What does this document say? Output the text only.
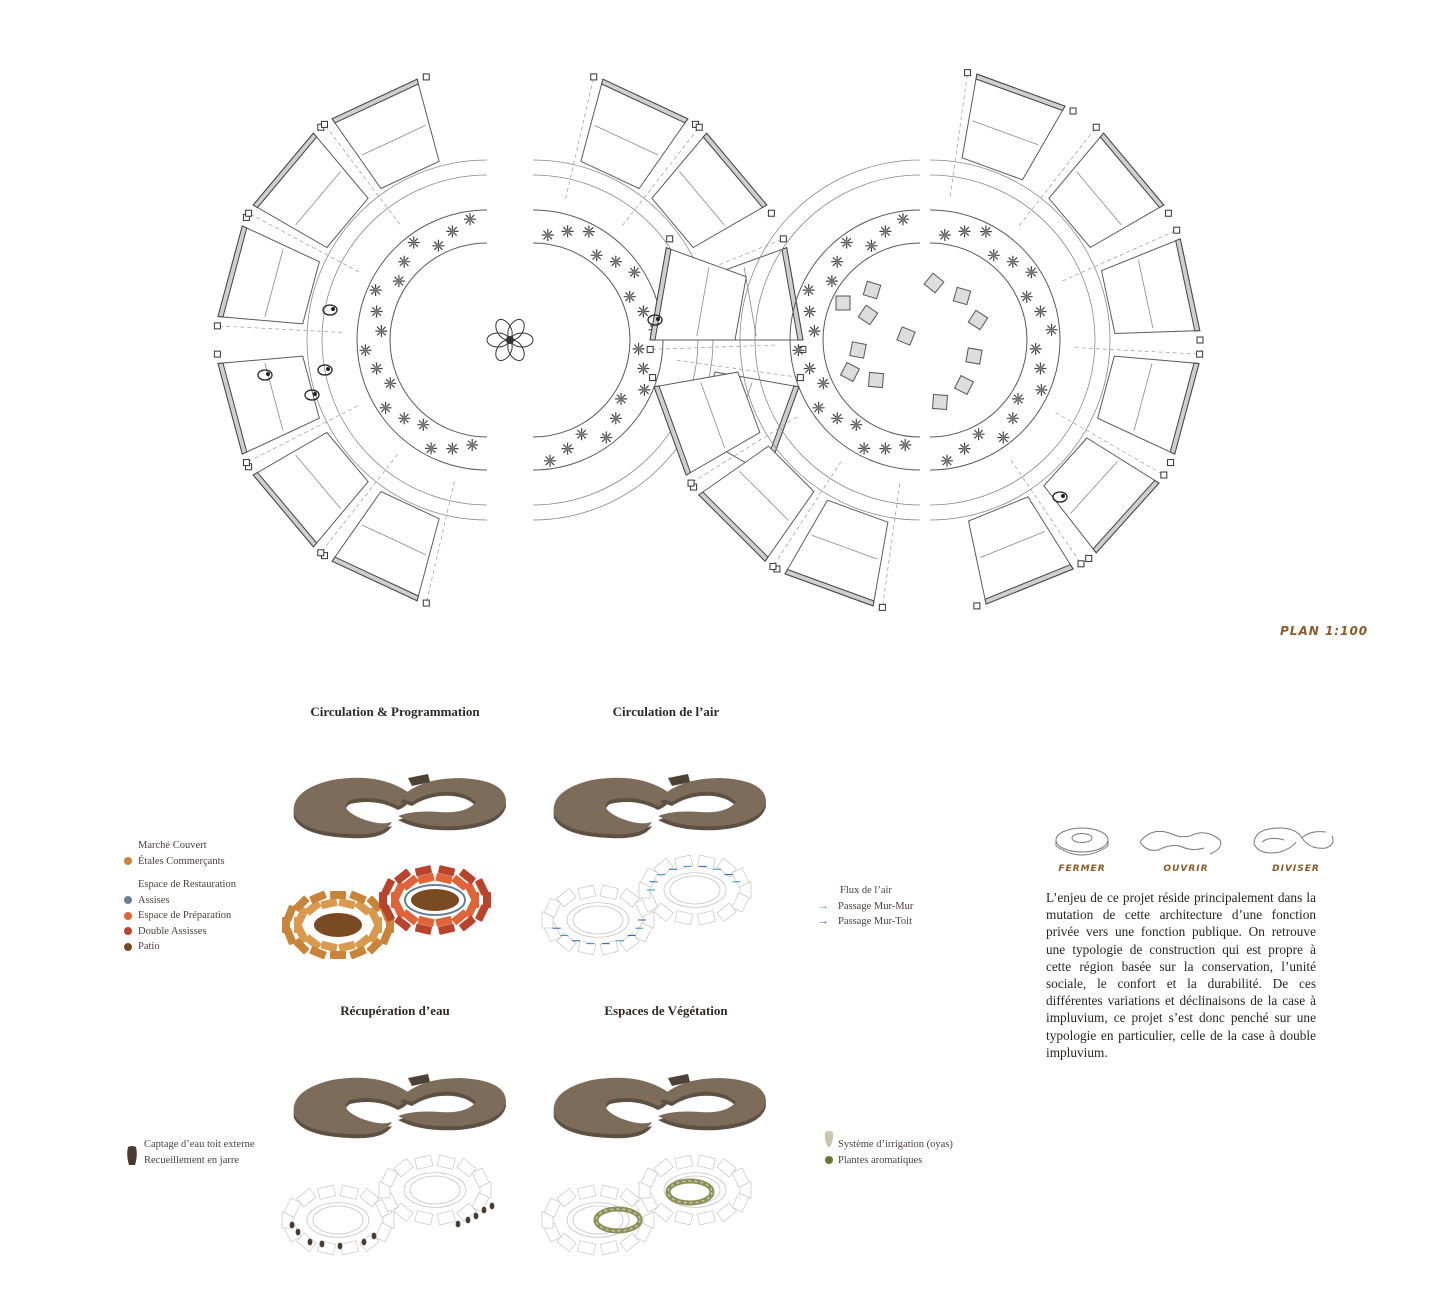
PLAN 1:100
Circulation & Programmation	Circulation de l’air
Récupération d’eau	Espaces de Végétation
Marché Couvert
Étales Commerçants
Espace de Restauration
Assises
Espace de Préparation
Double Assisses
Patio
Flux de l’air
→ Passage Mur-Mur
→ Passage Mur-Toit
Captage d’eau toit externe
Recueillement en jarre
Système d’irrigation (oyas)
Plantes aromatiques
FERMER	OUVRIR	DIVISER
L’enjeu de ce projet réside principalement dans la mutation de cette architecture d’une fonction privée vers une fonction publique. On retrouve une typologie de construction qui est propre à cette région basée sur la conservation, l’unité sociale, le confort et la durabilité. De ces différentes variations et déclinaisons de la case à impluvium, ce projet s’est donc penché sur une typologie en particulier, celle de la case à double impluvium.
